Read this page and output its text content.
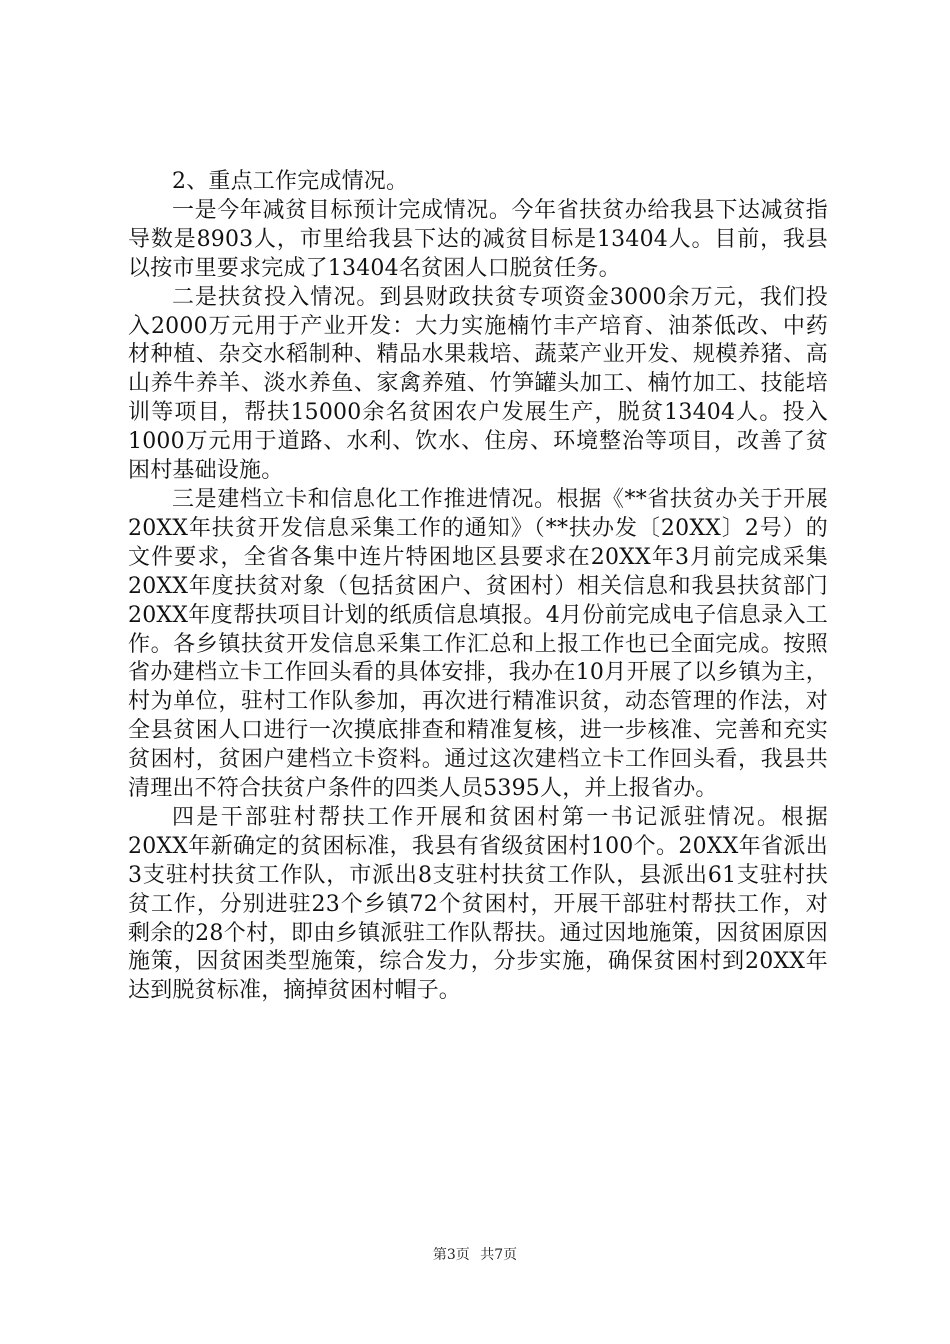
2、重点工作完成情况。

一是今年减贫目标预计完成情况。今年省扶贫办给我县下达减贫指导数是8903人，市里给我县下达的减贫目标是13404人。目前，我县以按市里要求完成了13404名贫困人口脱贫任务。

二是扶贫投入情况。到县财政扶贫专项资金3000余万元，我们投入2000万元用于产业开发：大力实施楠竹丰产培育、油茶低改、中药材种植、杂交水稻制种、精品水果栽培、蔬菜产业开发、规模养猪、高山养牛养羊、淡水养鱼、家禽养殖、竹笋罐头加工、楠竹加工、技能培训等项目，帮扶15000余名贫困农户发展生产，脱贫13404人。投入1000万元用于道路、水利、饮水、住房、环境整治等项目，改善了贫困村基础设施。

三是建档立卡和信息化工作推进情况。根据《**省扶贫办关于开展20XX年扶贫开发信息采集工作的通知》（**扶办发〔20XX〕2号）的文件要求，全省各集中连片特困地区县要求在20XX年3月前完成采集20XX年度扶贫对象（包括贫困户、贫困村）相关信息和我县扶贫部门20XX年度帮扶项目计划的纸质信息填报。4月份前完成电子信息录入工作。各乡镇扶贫开发信息采集工作汇总和上报工作也已全面完成。按照省办建档立卡工作回头看的具体安排，我办在10月开展了以乡镇为主，村为单位，驻村工作队参加，再次进行精准识贫，动态管理的作法，对全县贫困人口进行一次摸底排查和精准复核，进一步核准、完善和充实贫困村，贫困户建档立卡资料。通过这次建档立卡工作回头看，我县共清理出不符合扶贫户条件的四类人员5395人，并上报省办。

四是干部驻村帮扶工作开展和贫困村第一书记派驻情况。根据20XX年新确定的贫困标准，我县有省级贫困村100个。20XX年省派出3支驻村扶贫工作队，市派出8支驻村扶贫工作队，县派出61支驻村扶贫工作，分别进驻23个乡镇72个贫困村，开展干部驻村帮扶工作，对剩余的28个村，即由乡镇派驻工作队帮扶。通过因地施策，因贫困原因施策，因贫困类型施策，综合发力，分步实施，确保贫困村到20XX年达到脱贫标准，摘掉贫困村帽子。

第3页 共7页
